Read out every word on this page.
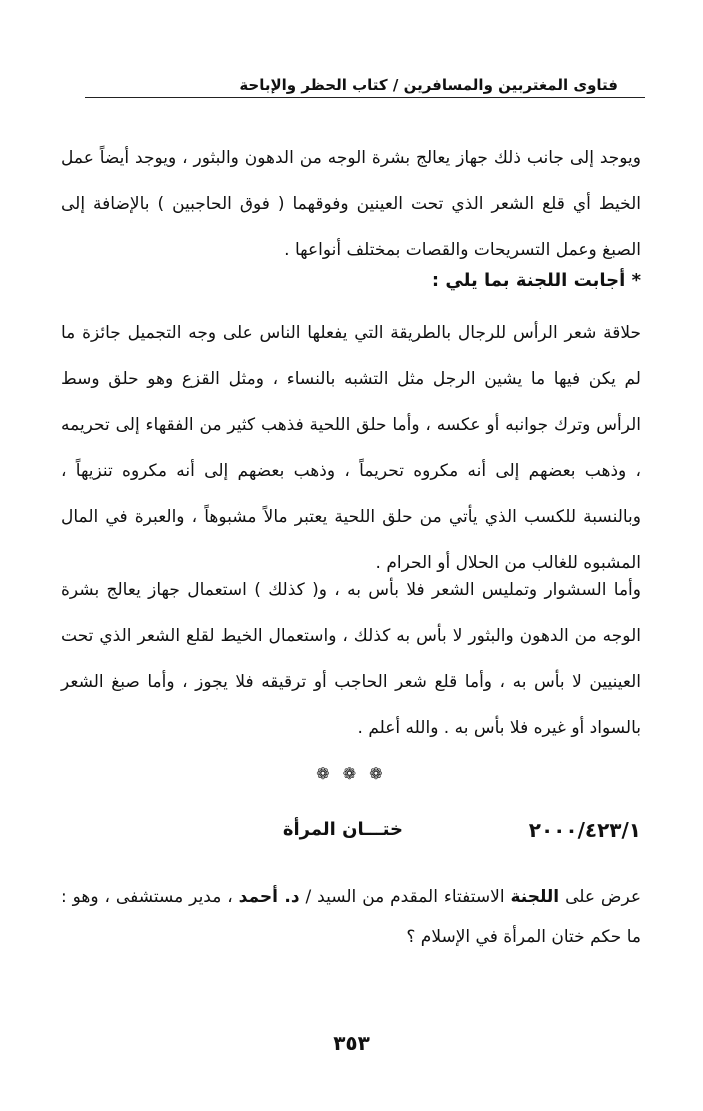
فتاوى المغتربين والمسافرين / كتاب الحظر والإباحة

ويوجد إلى جانب ذلك جهاز يعالج بشرة الوجه من الدهون والبثور ، ويوجد أيضاً عمل الخيط أي قلع الشعر الذي تحت العينين وفوقهما ( فوق الحاجبين ) بالإضافة إلى الصبغ وعمل التسريحات والقصات بمختلف أنواعها .

* أجابت اللجنة بما يلي :

حلاقة شعر الرأس للرجال بالطريقة التي يفعلها الناس على وجه التجميل جائزة ما لم يكن فيها ما يشين الرجل مثل التشبه بالنساء ، ومثل القزع وهو حلق وسط الرأس وترك جوانبه أو عكسه ، وأما حلق اللحية فذهب كثير من الفقهاء إلى تحريمه ، وذهب بعضهم إلى أنه مكروه تحريماً ، وذهب بعضهم إلى أنه مكروه تنزيهاً ، وبالنسبة للكسب الذي يأتي من حلق اللحية يعتبر مالاً مشبوهاً ، والعبرة في المال المشبوه للغالب من الحلال أو الحرام .

وأما السشوار وتمليس الشعر فلا بأس به ، و( كذلك ) استعمال جهاز يعالج بشرة الوجه من الدهون والبثور لا بأس به كذلك ، واستعمال الخيط لقلع الشعر الذي تحت العينيين لا بأس به ، وأما قلع شعر الحاجب أو ترقيقه فلا يجوز ، وأما صبغ الشعر بالسواد أو غيره فلا بأس به . والله أعلم .

❁ ❁ ❁
٢٠٠٠/٤٢٣/١
ختـــان المرأة

عرض على اللجنة الاستفتاء المقدم من السيد / د. أحمد ، مدير مستشفى ، وهو : ما حكم ختان المرأة في الإسلام ؟

٣٥٣
